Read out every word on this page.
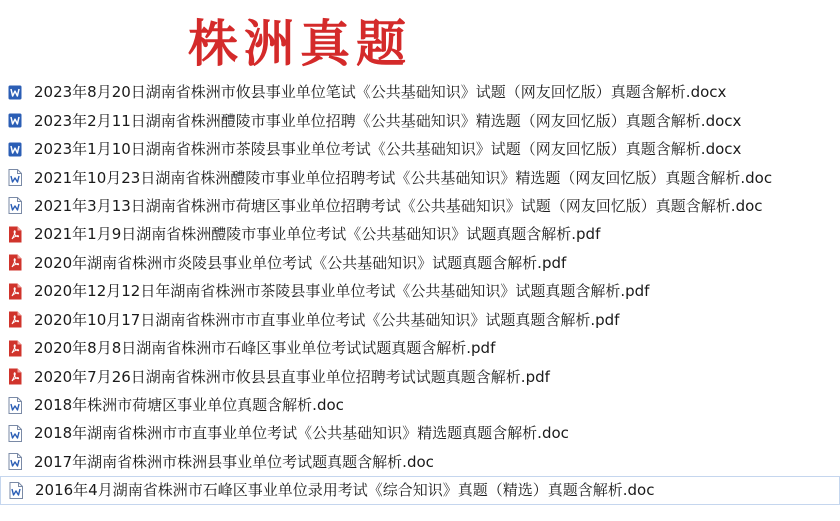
株洲真题
2023年8月20日湖南省株洲市攸县事业单位笔试《公共基础知识》试题（网友回忆版）真题含解析.docx
2023年2月11日湖南省株洲醴陵市事业单位招聘《公共基础知识》精选题（网友回忆版）真题含解析.docx
2023年1月10日湖南省株洲市茶陵县事业单位考试《公共基础知识》试题（网友回忆版）真题含解析.docx
2021年10月23日湖南省株洲醴陵市事业单位招聘考试《公共基础知识》精选题（网友回忆版）真题含解析.doc
2021年3月13日湖南省株洲市荷塘区事业单位招聘考试《公共基础知识》试题（网友回忆版）真题含解析.doc
2021年1月9日湖南省株洲醴陵市事业单位考试《公共基础知识》试题真题含解析.pdf
2020年湖南省株洲市炎陵县事业单位考试《公共基础知识》试题真题含解析.pdf
2020年12月12日年湖南省株洲市茶陵县事业单位考试《公共基础知识》试题真题含解析.pdf
2020年10月17日湖南省株洲市市直事业单位考试《公共基础知识》试题真题含解析.pdf
2020年8月8日湖南省株洲市石峰区事业单位考试试题真题含解析.pdf
2020年7月26日湖南省株洲市攸县县直事业单位招聘考试试题真题含解析.pdf
2018年株洲市荷塘区事业单位真题含解析.doc
2018年湖南省株洲市市直事业单位考试《公共基础知识》精选题真题含解析.doc
2017年湖南省株洲市株洲县事业单位考试题真题含解析.doc
2016年4月湖南省株洲市石峰区事业单位录用考试《综合知识》真题（精选）真题含解析.doc
